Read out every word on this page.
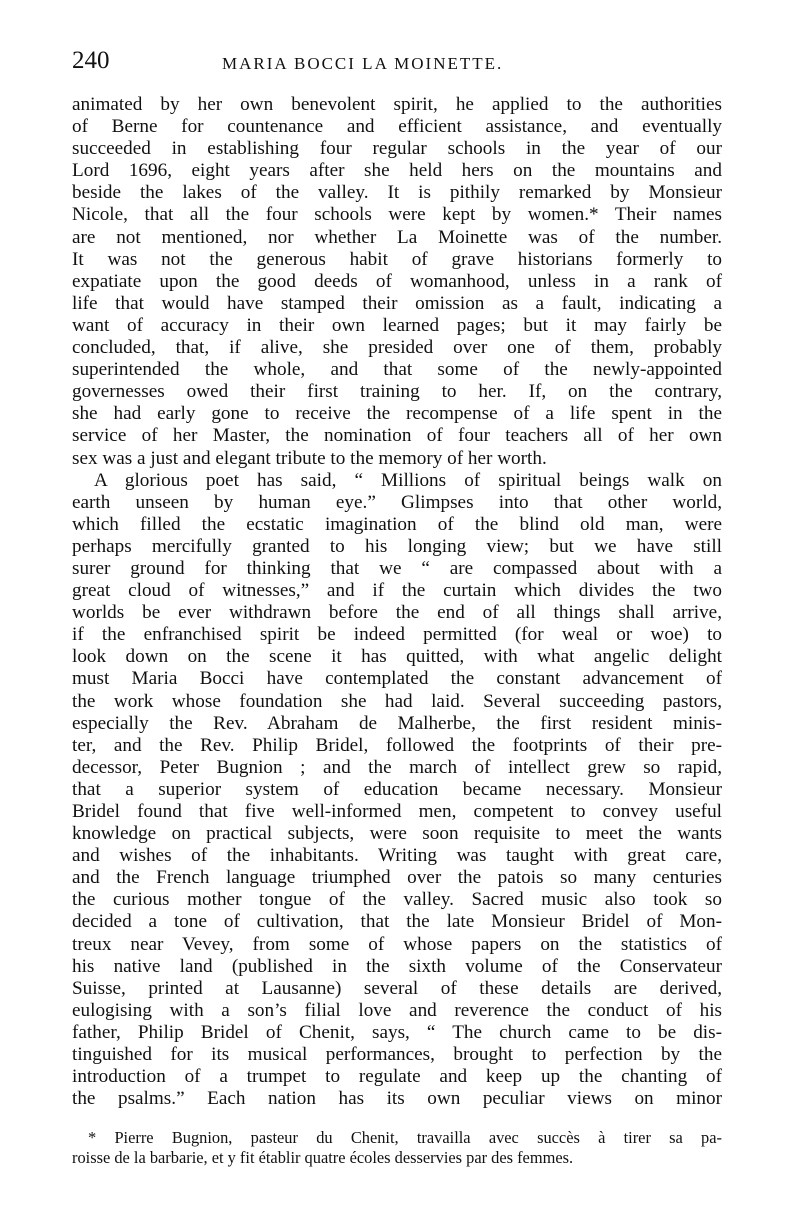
240	MARIA BOCCI LA MOINETTE.
animated by her own benevolent spirit, he applied to the authorities
of Berne for countenance and efficient assistance, and eventually
succeeded in establishing four regular schools in the year of our
Lord 1696, eight years after she held hers on the mountains and
beside the lakes of the valley. It is pithily remarked by Monsieur
Nicole, that all the four schools were kept by women.* Their names
are not mentioned, nor whether La Moinette was of the number.
It was not the generous habit of grave historians formerly to
expatiate upon the good deeds of womanhood, unless in a rank of
life that would have stamped their omission as a fault, indicating a
want of accuracy in their own learned pages; but it may fairly be
concluded, that, if alive, she presided over one of them, probably
superintended the whole, and that some of the newly-appointed
governesses owed their first training to her. If, on the contrary,
she had early gone to receive the recompense of a life spent in the
service of her Master, the nomination of four teachers all of her own
sex was a just and elegant tribute to the memory of her worth.
A glorious poet has said, “ Millions of spiritual beings walk on
earth unseen by human eye.” Glimpses into that other world,
which filled the ecstatic imagination of the blind old man, were
perhaps mercifully granted to his longing view; but we have still
surer ground for thinking that we “ are compassed about with a
great cloud of witnesses,” and if the curtain which divides the two
worlds be ever withdrawn before the end of all things shall arrive,
if the enfranchised spirit be indeed permitted (for weal or woe) to
look down on the scene it has quitted, with what angelic delight
must Maria Bocci have contemplated the constant advancement of
the work whose foundation she had laid. Several succeeding pastors,
especially the Rev. Abraham de Malherbe, the first resident minis-
ter, and the Rev. Philip Bridel, followed the footprints of their pre-
decessor, Peter Bugnion ; and the march of intellect grew so rapid,
that a superior system of education became necessary. Monsieur
Bridel found that five well-informed men, competent to convey useful
knowledge on practical subjects, were soon requisite to meet the wants
and wishes of the inhabitants. Writing was taught with great care,
and the French language triumphed over the patois so many centuries
the curious mother tongue of the valley. Sacred music also took so
decided a tone of cultivation, that the late Monsieur Bridel of Mon-
treux near Vevey, from some of whose papers on the statistics of
his native land (published in the sixth volume of the Conservateur
Suisse, printed at Lausanne) several of these details are derived,
eulogising with a son’s filial love and reverence the conduct of his
father, Philip Bridel of Chenit, says, “ The church came to be dis-
tinguished for its musical performances, brought to perfection by the
introduction of a trumpet to regulate and keep up the chanting of
the psalms.” Each nation has its own peculiar views on minor
* Pierre Bugnion, pasteur du Chenit, travailla avec succès à tirer sa pa-
roisse de la barbarie, et y fit établir quatre écoles desservies par des femmes.
